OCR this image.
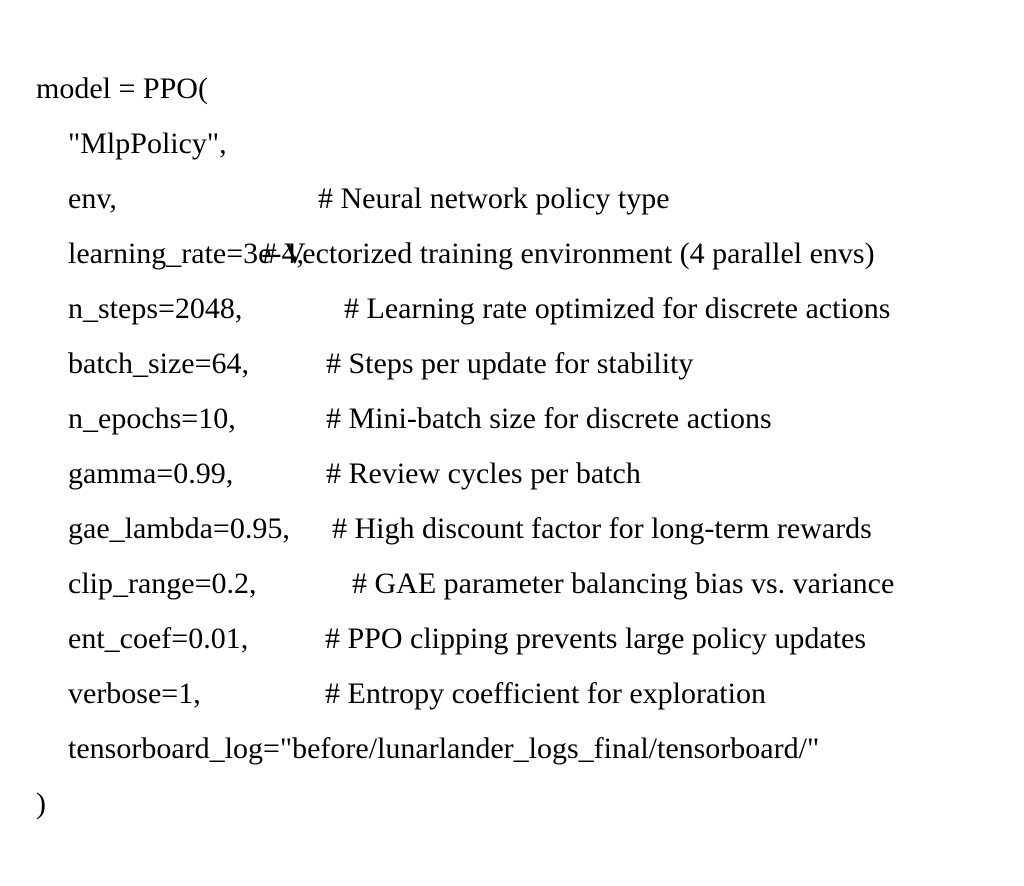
model = PPO(

"MlpPolicy",

# Neural network policy type

env,

# Vectorized training environment (4 parallel envs)

learning_rate=3e-4,

# Learning rate optimized for discrete actions

n_steps=2048,

# Steps per update for stability

batch_size=64,

# Mini-batch size for discrete actions

n_epochs=10,

# Review cycles per batch

gamma=0.99,

# High discount factor for long-term rewards

gae_lambda=0.95,

# GAE parameter balancing bias vs. variance

clip_range=0.2,

# PPO clipping prevents large policy updates

ent_coef=0.01,

# Entropy coefficient for exploration

verbose=1,

tensorboard_log="before/lunarlander_logs_final/tensorboard/"

)
